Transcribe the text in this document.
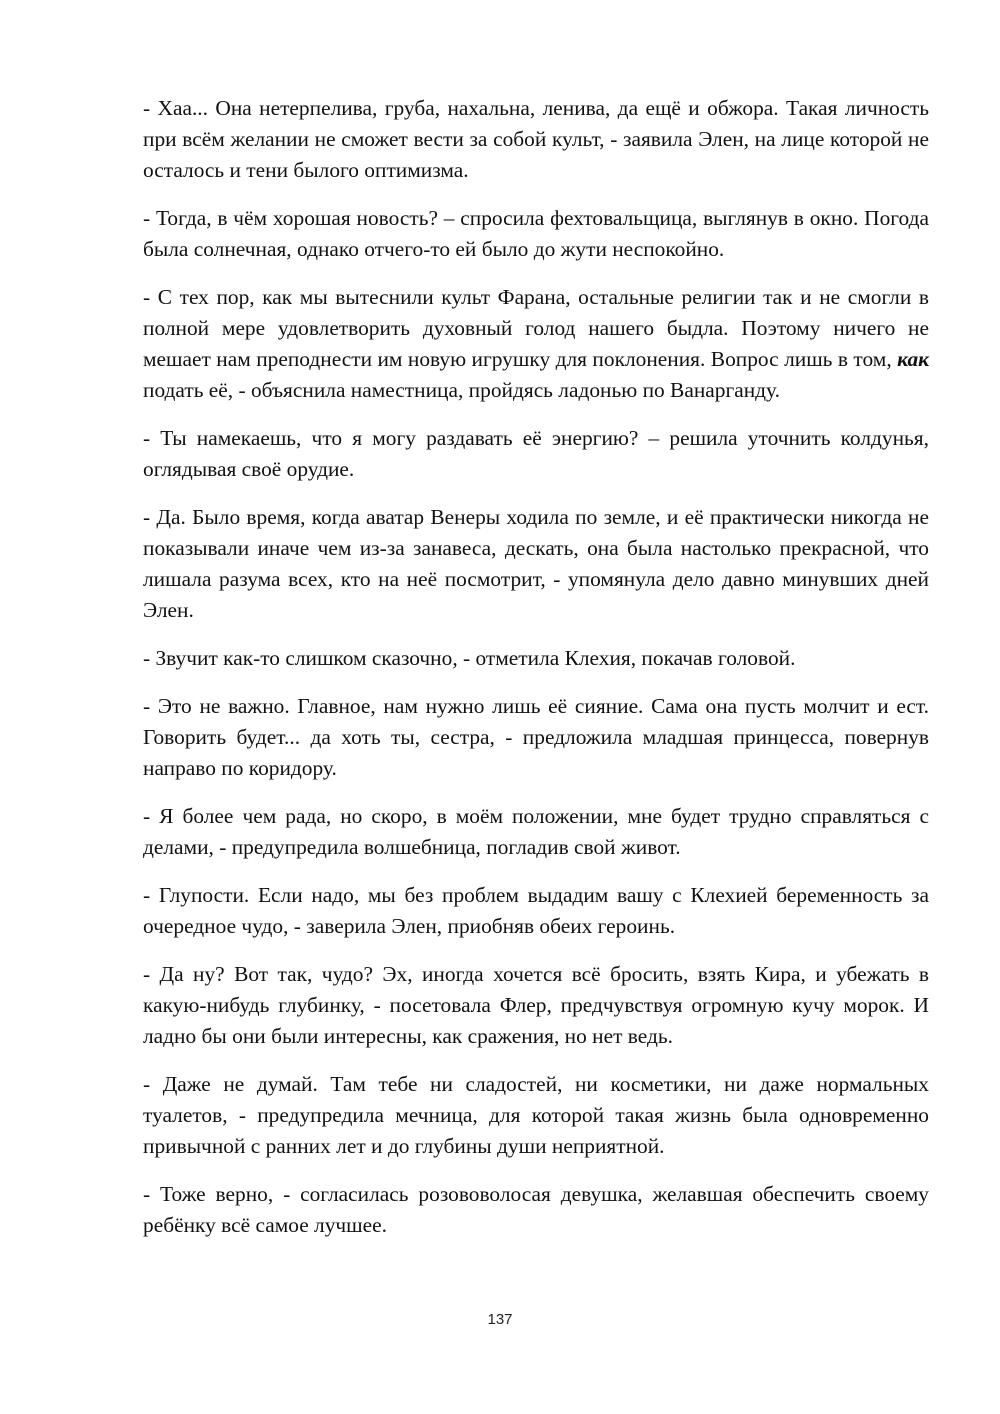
- Хаа... Она нетерпелива, груба, нахальна, ленива, да ещё и обжора. Такая личность при всём желании не сможет вести за собой культ, - заявила Элен, на лице которой не осталось и тени былого оптимизма.

- Тогда, в чём хорошая новость? – спросила фехтовальщица, выглянув в окно. Погода была солнечная, однако отчего-то ей было до жути неспокойно.

- С тех пор, как мы вытеснили культ Фарана, остальные религии так и не смогли в полной мере удовлетворить духовный голод нашего быдла. Поэтому ничего не мешает нам преподнести им новую игрушку для поклонения. Вопрос лишь в том, как подать её, - объяснила наместница, пройдясь ладонью по Ванарганду.

- Ты намекаешь, что я могу раздавать её энергию? – решила уточнить колдунья, оглядывая своё орудие.

- Да. Было время, когда аватар Венеры ходила по земле, и её практически никогда не показывали иначе чем из-за занавеса, дескать, она была настолько прекрасной, что лишала разума всех, кто на неё посмотрит, - упомянула дело давно минувших дней Элен.

- Звучит как-то слишком сказочно, - отметила Клехия, покачав головой.

- Это не важно. Главное, нам нужно лишь её сияние. Сама она пусть молчит и ест. Говорить будет... да хоть ты, сестра, - предложила младшая принцесса, повернув направо по коридору.

- Я более чем рада, но скоро, в моём положении, мне будет трудно справляться с делами, - предупредила волшебница, погладив свой живот.

- Глупости. Если надо, мы без проблем выдадим вашу с Клехией беременность за очередное чудо, - заверила Элен, приобняв обеих героинь.

- Да ну? Вот так, чудо? Эх, иногда хочется всё бросить, взять Кира, и убежать в какую-нибудь глубинку, - посетовала Флер, предчувствуя огромную кучу морок. И ладно бы они были интересны, как сражения, но нет ведь.

- Даже не думай. Там тебе ни сладостей, ни косметики, ни даже нормальных туалетов, - предупредила мечница, для которой такая жизнь была одновременно привычной с ранних лет и до глубины души неприятной.

- Тоже верно, - согласилась розововолосая девушка, желавшая обеспечить своему ребёнку всё самое лучшее.

137
